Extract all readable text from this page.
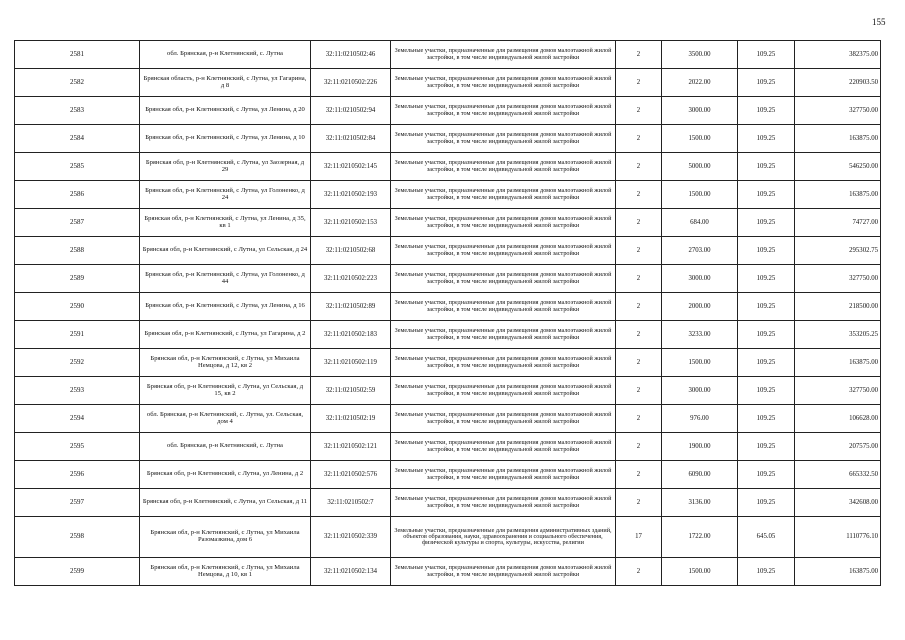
155
2581	обл. Брянская, р-н Клетнянский, с. Лутна	32:11:0210502:46	Земельные участки, предназначенные для размещения домов малоэтажной жилой застройки, в том числе индивидуальной жилой застройки	2	3500.00	109.25	382375.00
2582	Брянская область, р-н Клетнянский, с Лутна, ул Гагарина, д 8	32:11:0210502:226	Земельные участки, предназначенные для размещения домов малоэтажной жилой застройки, в том числе индивидуальной жилой застройки	2	2022.00	109.25	220903.50
2583	Брянская обл, р-н Клетнянский, с Лутна, ул Ленина, д 20	32:11:0210502:94	Земельные участки, предназначенные для размещения домов малоэтажной жилой застройки, в том числе индивидуальной жилой застройки	2	3000.00	109.25	327750.00
2584	Брянская обл, р-н Клетнянский, с Лутна, ул Ленина, д 10	32:11:0210502:84	Земельные участки, предназначенные для размещения домов малоэтажной жилой застройки, в том числе индивидуальной жилой застройки	2	1500.00	109.25	163875.00
2585	Брянская обл, р-н Клетнянский, с Лутна, ул Заозерная, д 29	32:11:0210502:145	Земельные участки, предназначенные для размещения домов малоэтажной жилой застройки, в том числе индивидуальной жилой застройки	2	5000.00	109.25	546250.00
2586	Брянская обл, р-н Клетнянский, с Лутна, ул Голоненко, д 24	32:11:0210502:193	Земельные участки, предназначенные для размещения домов малоэтажной жилой застройки, в том числе индивидуальной жилой застройки	2	1500.00	109.25	163875.00
2587	Брянская обл, р-н Клетнянский, с Лутна, ул Ленина, д 35, кв 1	32:11:0210502:153	Земельные участки, предназначенные для размещения домов малоэтажной жилой застройки, в том числе индивидуальной жилой застройки	2	684.00	109.25	74727.00
2588	Брянская обл, р-н Клетнянский, с Лутна, ул Сельская, д 24	32:11:0210502:68	Земельные участки, предназначенные для размещения домов малоэтажной жилой застройки, в том числе индивидуальной жилой застройки	2	2703.00	109.25	295302.75
2589	Брянская обл, р-н Клетнянский, с Лутна, ул Голоненко, д 44	32:11:0210502:223	Земельные участки, предназначенные для размещения домов малоэтажной жилой застройки, в том числе индивидуальной жилой застройки	2	3000.00	109.25	327750.00
2590	Брянская обл, р-н Клетнянский, с Лутна, ул Ленина, д 16	32:11:0210502:89	Земельные участки, предназначенные для размещения домов малоэтажной жилой застройки, в том числе индивидуальной жилой застройки	2	2000.00	109.25	218500.00
2591	Брянская обл, р-н Клетнянский, с Лутна, ул Гагарина, д 2	32:11:0210502:183	Земельные участки, предназначенные для размещения домов малоэтажной жилой застройки, в том числе индивидуальной жилой застройки	2	3233.00	109.25	353205.25
2592	Брянская обл, р-н Клетнянский, с Лутна, ул Михаила Немцова, д 12, кв 2	32:11:0210502:119	Земельные участки, предназначенные для размещения домов малоэтажной жилой застройки, в том числе индивидуальной жилой застройки	2	1500.00	109.25	163875.00
2593	Брянская обл, р-н Клетнянский, с Лутна, ул Сельская, д 15, кв 2	32:11:0210502:59	Земельные участки, предназначенные для размещения домов малоэтажной жилой застройки, в том числе индивидуальной жилой застройки	2	3000.00	109.25	327750.00
2594	обл. Брянская, р-н Клетнянский, с. Лутна, ул. Сельская, дом 4	32:11:0210502:19	Земельные участки, предназначенные для размещения домов малоэтажной жилой застройки, в том числе индивидуальной жилой застройки	2	976.00	109.25	106628.00
2595	обл. Брянская, р-н Клетнянский, с. Лутна	32:11:0210502:121	Земельные участки, предназначенные для размещения домов малоэтажной жилой застройки, в том числе индивидуальной жилой застройки	2	1900.00	109.25	207575.00
2596	Брянская обл, р-н Клетнянский, с Лутна, ул Ленина, д 2	32:11:0210502:576	Земельные участки, предназначенные для размещения домов малоэтажной жилой застройки, в том числе индивидуальной жилой застройки	2	6090.00	109.25	665332.50
2597	Брянская обл, р-н Клетнянский, с Лутна, ул Сельская, д 11	32:11:0210502:7	Земельные участки, предназначенные для размещения домов малоэтажной жилой застройки, в том числе индивидуальной жилой застройки	2	3136.00	109.25	342608.00
2598	Брянская обл, р-н Клетнянский, с Лутна, ул Михаила Разомазкина, дом 6	32:11:0210502:339	Земельные участки, предназначенные для размещения административных зданий, объектов образования, науки, здравоохранения и социального обеспечения, физической культуры и спорта, культуры, искусства, религии	17	1722.00	645.05	1110776.10
2599	Брянская обл, р-н Клетнянский, с Лутна, ул Михаила Немцова, д 10, кв 1	32:11:0210502:134	Земельные участки, предназначенные для размещения домов малоэтажной жилой застройки, в том числе индивидуальной жилой застройки	2	1500.00	109.25	163875.00
